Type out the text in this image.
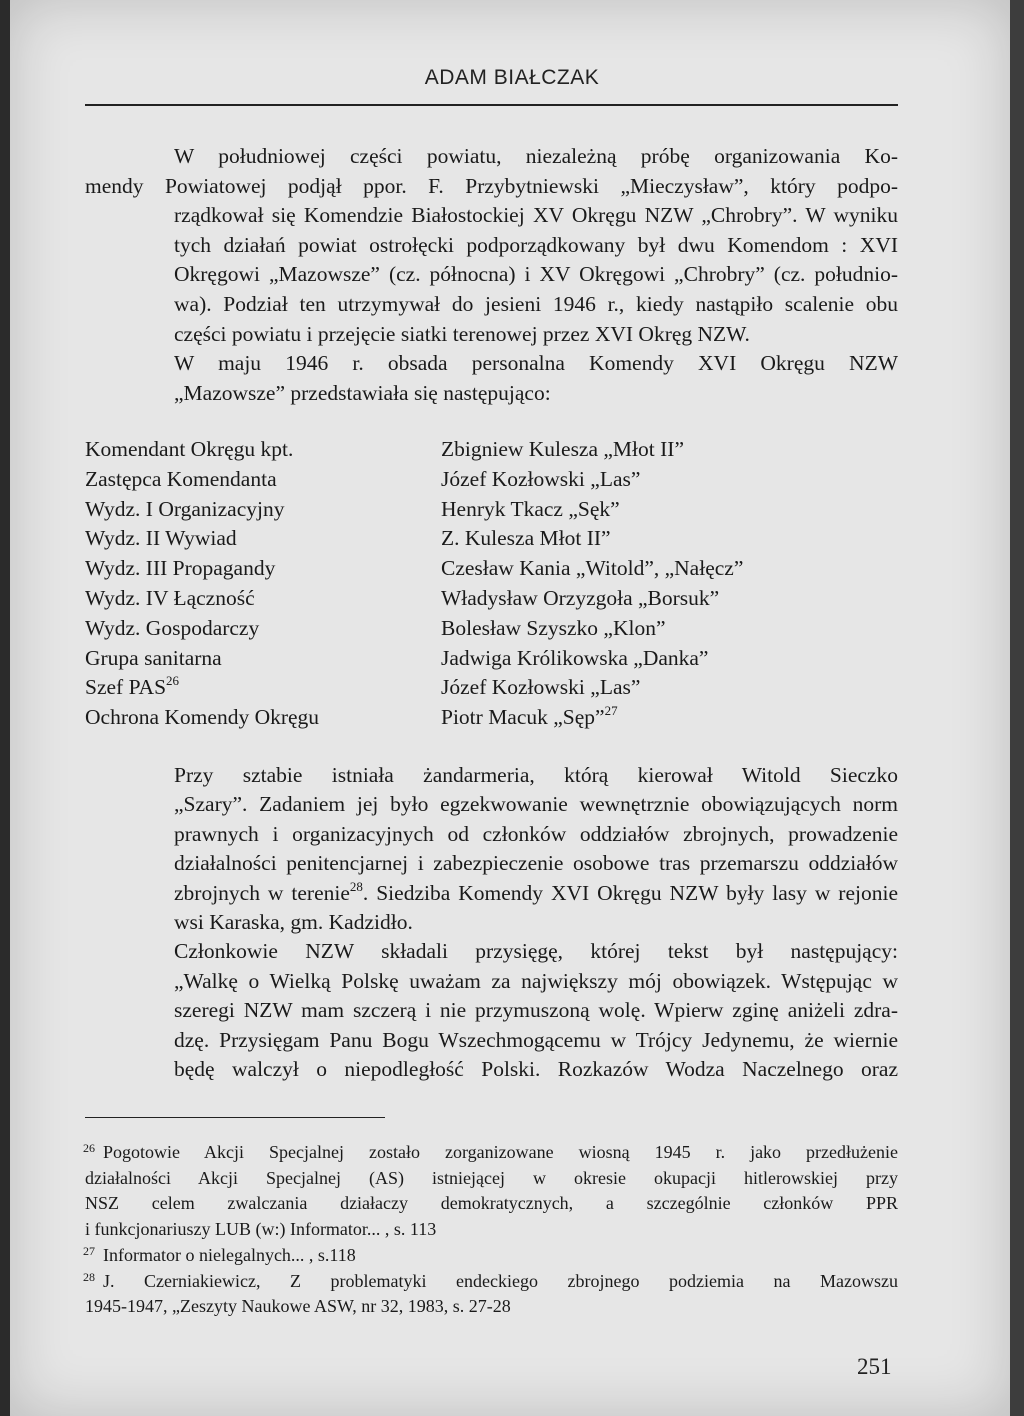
ADAM BIAŁCZAK

W południowej części powiatu, niezależną próbę organizowania Ko-
mendy Powiatowej podjął ppor. F. Przybytniewski „Mieczysław”, który podpo-
rządkował się Komendzie Białostockiej XV Okręgu NZW „Chrobry”. W wyniku
tych działań powiat ostrołęcki podporządkowany był dwu Komendom : XVI
Okręgowi „Mazowsze” (cz. północna) i XV Okręgowi „Chrobry” (cz. południo-
wa). Podział ten utrzymywał do jesieni 1946 r., kiedy nastąpiło scalenie obu
części powiatu i przejęcie siatki terenowej przez XVI Okręg NZW.

W maju 1946 r. obsada personalna Komendy XVI Okręgu NZW
„Mazowsze” przedstawiała się następująco:

Komendant Okręgu kpt.	Zbigniew Kulesza „Młot II”
Zastępca Komendanta	Józef Kozłowski „Las”
Wydz. I Organizacyjny	Henryk Tkacz „Sęk”
Wydz. II Wywiad	Z. Kulesza Młot II”
Wydz. III Propagandy	Czesław Kania „Witold”, „Nałęcz”
Wydz. IV Łączność	Władysław Orzyzgoła „Borsuk”
Wydz. Gospodarczy	Bolesław Szyszko „Klon”
Grupa sanitarna	Jadwiga Królikowska „Danka”
Szef PAS$^{26}$	Józef Kozłowski „Las”
Ochrona Komendy Okręgu	Piotr Macuk „Sęp”$^{27}$

Przy sztabie istniała żandarmeria, którą kierował Witold Sieczko
„Szary”. Zadaniem jej było egzekwowanie wewnętrznie obowiązujących norm
prawnych i organizacyjnych od członków oddziałów zbrojnych, prowadzenie
działalności penitencjarnej i zabezpieczenie osobowe tras przemarszu oddziałów
zbrojnych w terenie$^{28}$. Siedziba Komendy XVI Okręgu NZW były lasy w rejonie
wsi Karaska, gm. Kadzidło.

Członkowie NZW składali przysięgę, której tekst był następujący:
„Walkę o Wielką Polskę uważam za największy mój obowiązek. Wstępując w
szeregi NZW mam szczerą i nie przymuszoną wolę. Wpierw zginę aniżeli zdra-
dzę. Przysięgam Panu Bogu Wszechmogącemu w Trójcy Jedynemu, że wiernie
będę walczył o niepodległość Polski. Rozkazów Wodza Naczelnego oraz

26 Pogotowie Akcji Specjalnej zostało zorganizowane wiosną 1945 r. jako przedłużenie
działalności Akcji Specjalnej (AS) istniejącej w okresie okupacji hitlerowskiej przy
NSZ celem zwalczania działaczy demokratycznych, a szczególnie członków PPR
i funkcjonariuszy LUB (w:) Informator... , s. 113
27 Informator o nielegalnych... , s.118
28 J. Czerniakiewicz, Z problematyki endeckiego zbrojnego podziemia na Mazowszu
1945-1947, „Zeszyty Naukowe ASW, nr 32, 1983, s. 27-28
251
